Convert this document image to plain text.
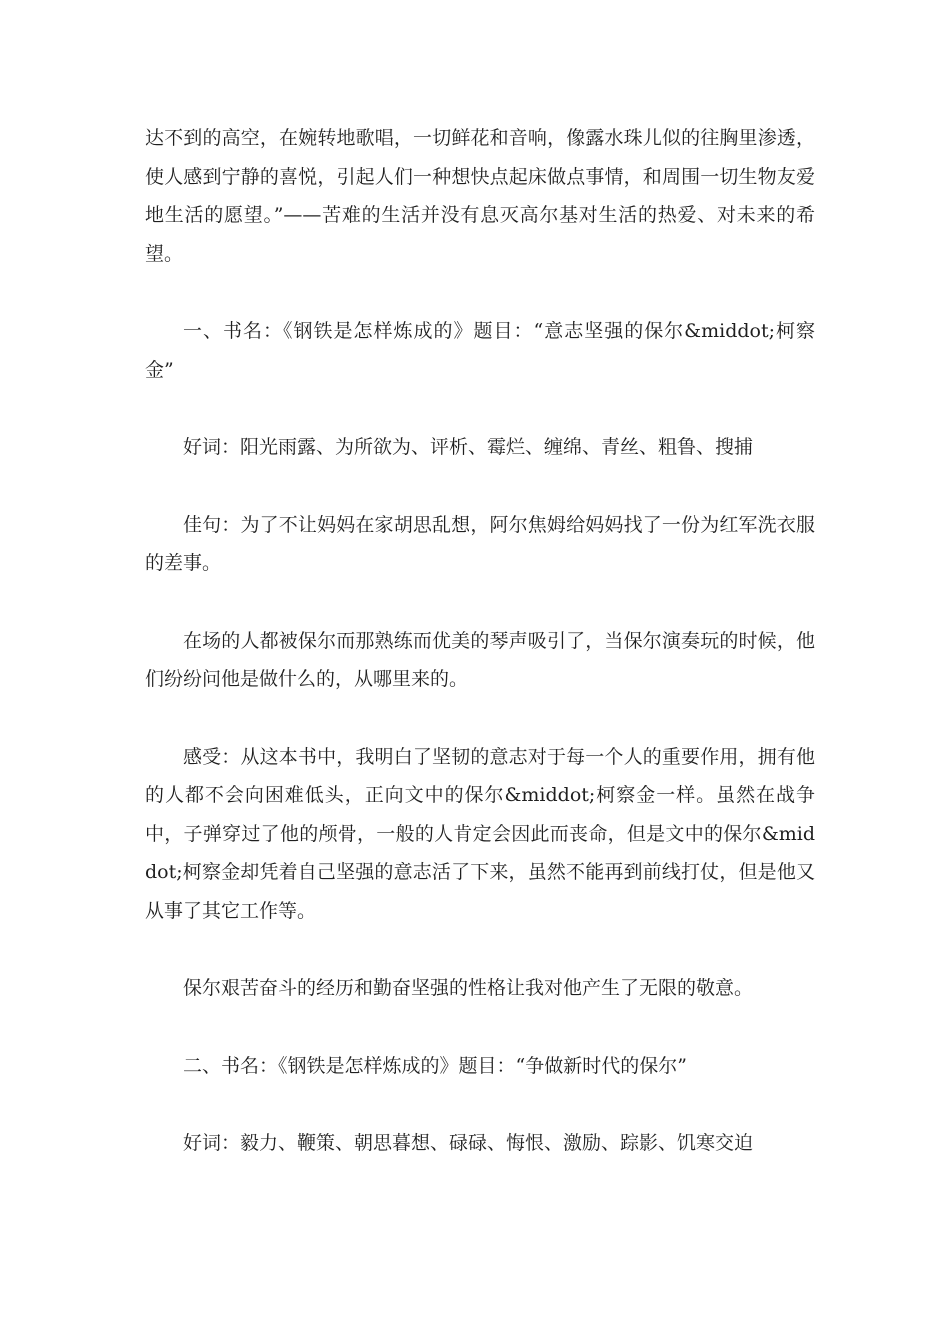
达不到的高空，在婉转地歌唱，一切鲜花和音响，像露水珠儿似的往胸里渗透，使人感到宁静的喜悦，引起人们一种想快点起床做点事情，和周围一切生物友爱地生活的愿望。”——苦难的生活并没有息灭高尔基对生活的热爱、对未来的希望。

一、书名：《钢铁是怎样炼成的》题目：“意志坚强的保尔&middot;柯察金”

好词：阳光雨露、为所欲为、评析、霉烂、缠绵、青丝、粗鲁、搜捕

佳句：为了不让妈妈在家胡思乱想，阿尔焦姆给妈妈找了一份为红军洗衣服的差事。

在场的人都被保尔而那熟练而优美的琴声吸引了，当保尔演奏玩的时候，他们纷纷问他是做什么的，从哪里来的。

感受：从这本书中，我明白了坚韧的意志对于每一个人的重要作用，拥有他的人都不会向困难低头，正向文中的保尔&middot;柯察金一样。虽然在战争中，子弹穿过了他的颅骨，一般的人肯定会因此而丧命，但是文中的保尔&middot;柯察金却凭着自己坚强的意志活了下来，虽然不能再到前线打仗，但是他又从事了其它工作等。

保尔艰苦奋斗的经历和勤奋坚强的性格让我对他产生了无限的敬意。

二、书名：《钢铁是怎样炼成的》题目：“争做新时代的保尔”

好词：毅力、鞭策、朝思暮想、碌碌、悔恨、激励、踪影、饥寒交迫
